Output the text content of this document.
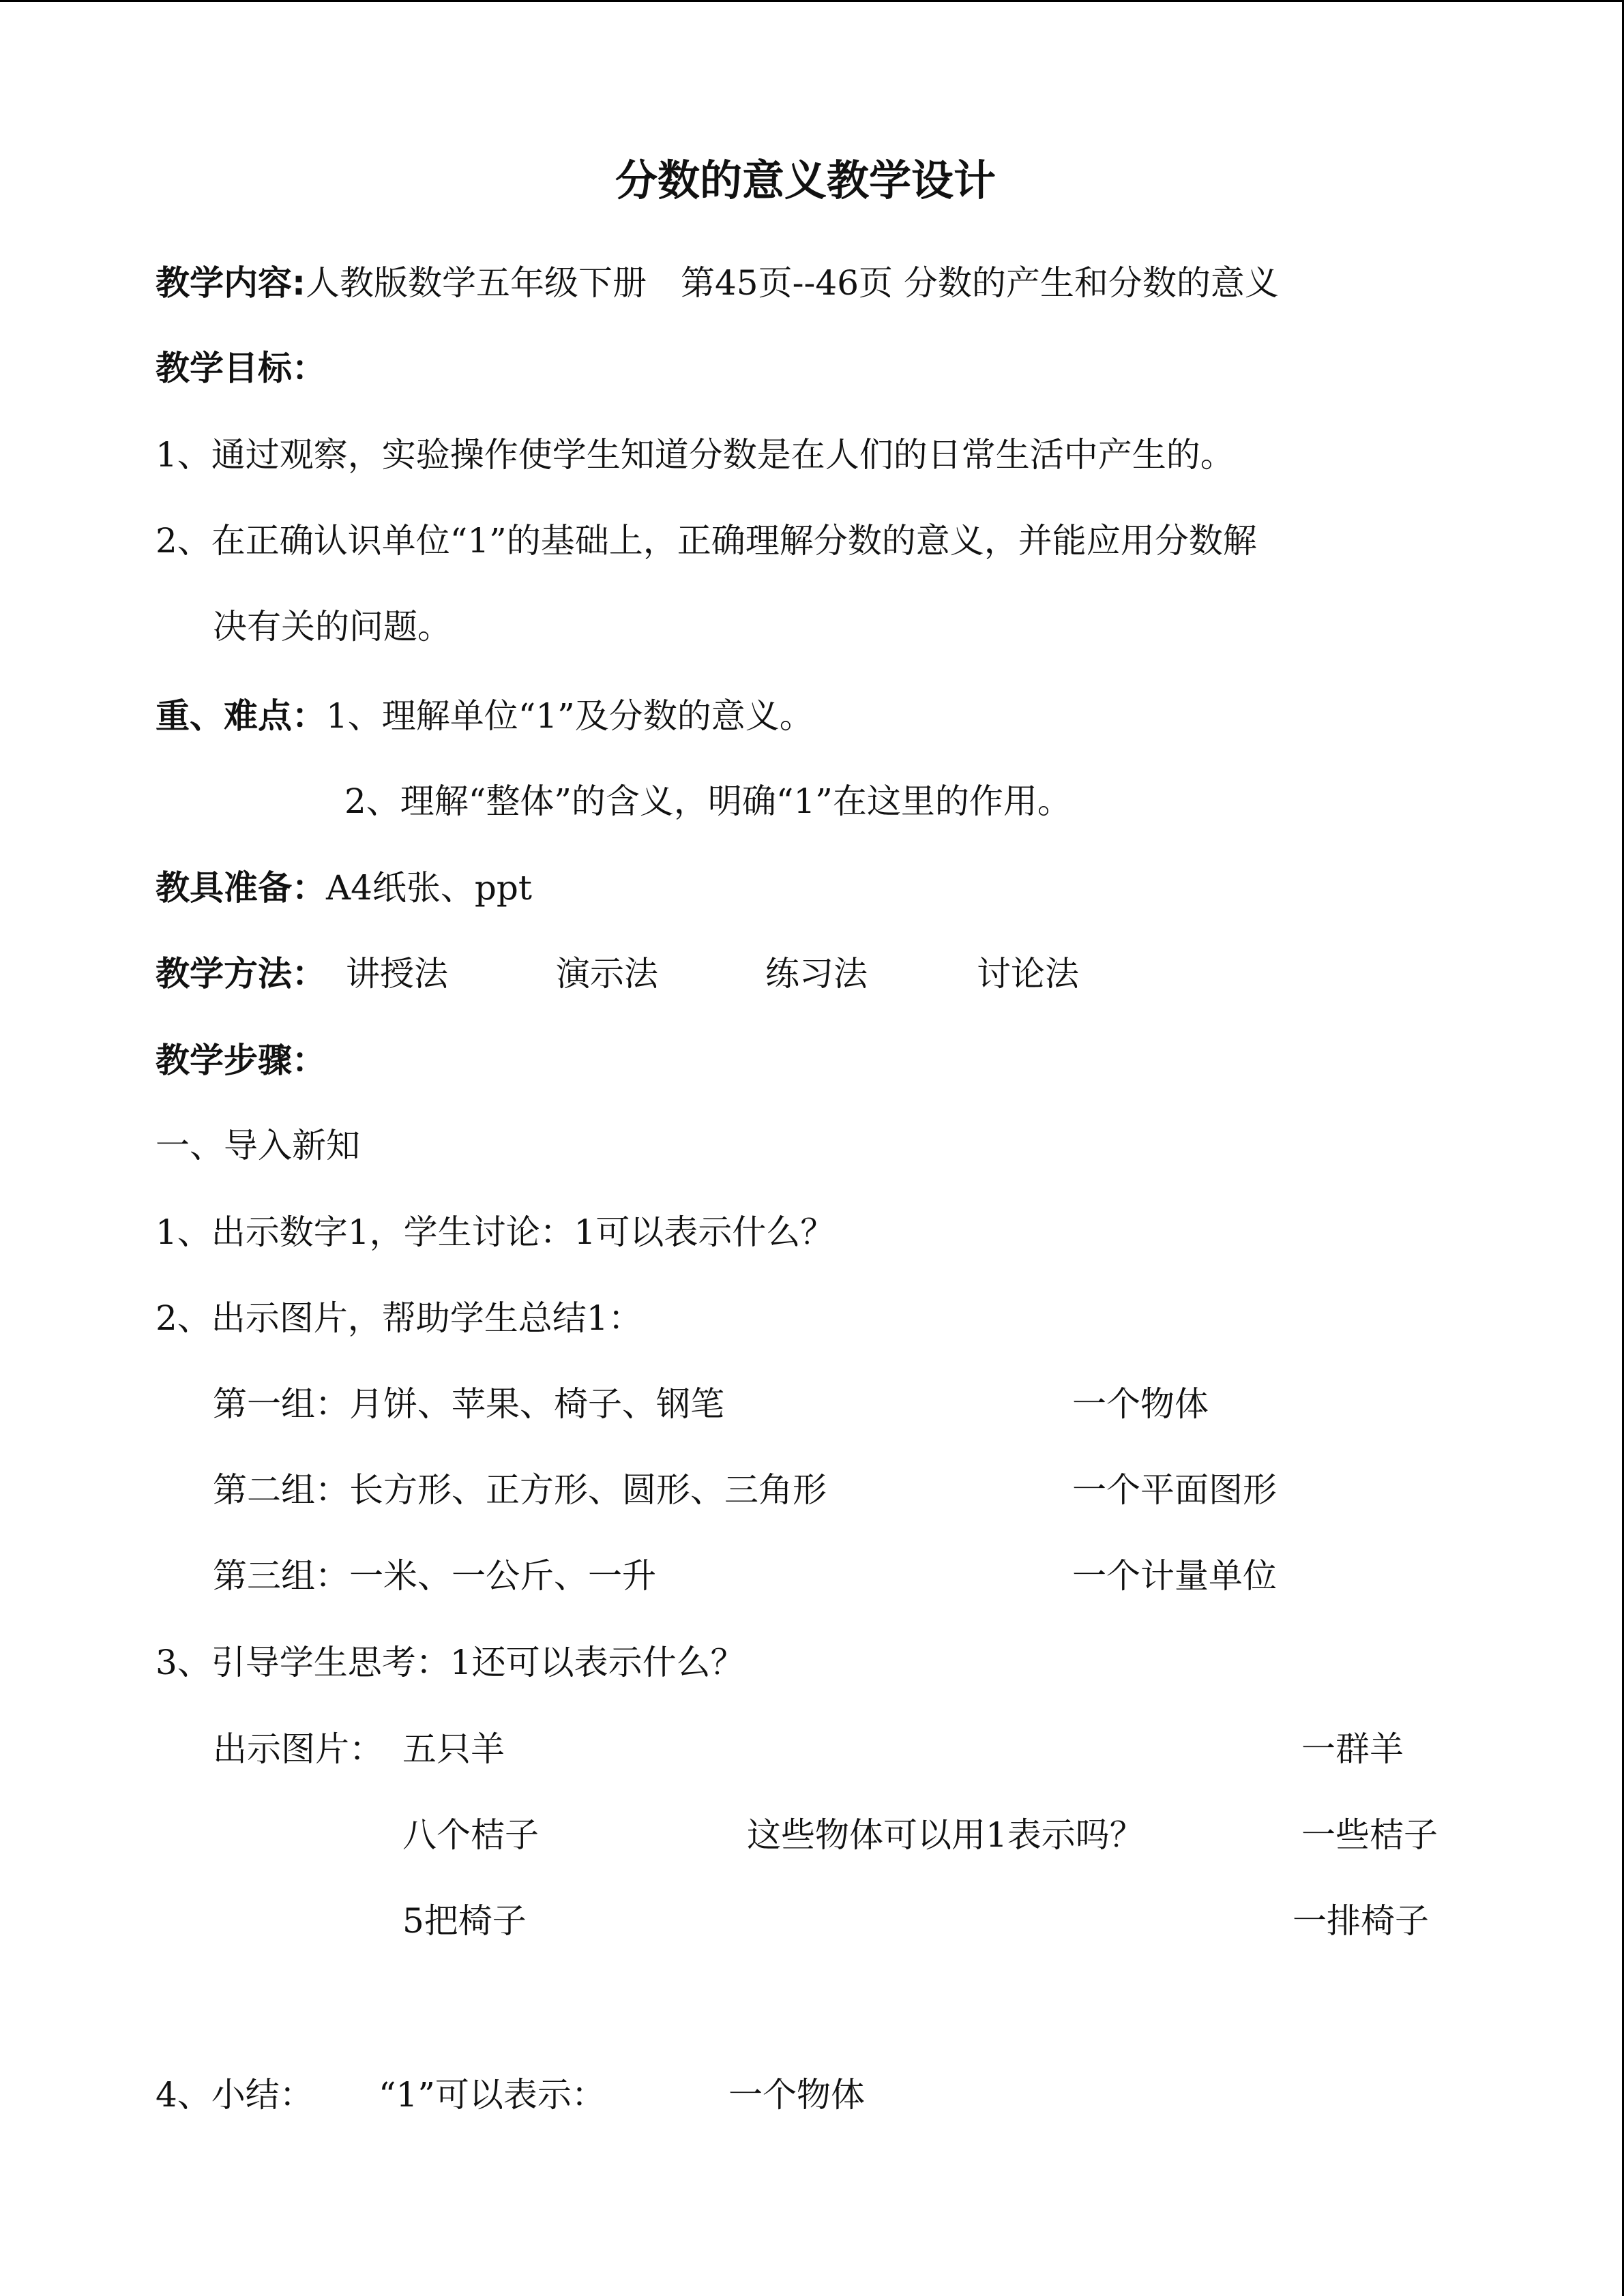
分数的意义教学设计
教学内容:人教版数学五年级下册　第45页--46页 分数的产生和分数的意义
教学目标：
1、通过观察，实验操作使学生知道分数是在人们的日常生活中产生的。
2、在正确认识单位“1”的基础上，正确理解分数的意义，并能应用分数解
决有关的问题。
重、难点：1、理解单位“1”及分数的意义。
2、理解“整体”的含义，明确“1”在这里的作用。
教具准备：A4纸张、ppt
教学方法： 讲授法	演示法	练习法	讨论法
教学步骤：
一、导入新知
1、出示数字1，学生讨论：1可以表示什么？
2、出示图片，帮助学生总结1：
第一组：月饼、苹果、椅子、钢笔	一个物体
第二组：长方形、正方形、圆形、三角形	一个平面图形
第三组：一米、一公斤、一升	一个计量单位
3、引导学生思考：1还可以表示什么？
出示图片： 五只羊	一群羊
八个桔子	这些物体可以用1表示吗？	一些桔子
5把椅子	一排椅子
4、小结： “1”可以表示：	一个物体
